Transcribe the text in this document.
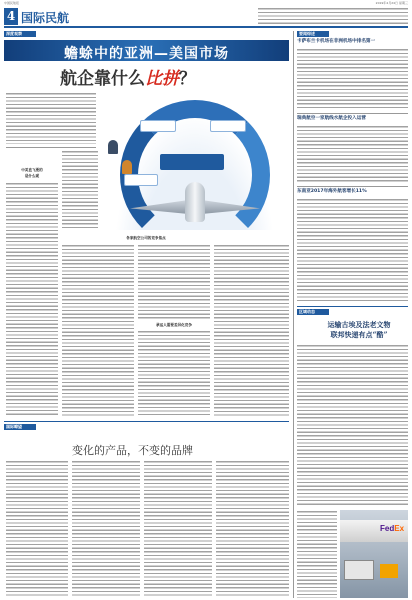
中国民航报	2019年4月24日 星期三
4 国际民航
深度观察
蟾蜍中的亚洲—美国市场
航企靠什么比拼？
中美直飞要的
是什么呢
各家航空公司的竞争焦点
承运人需要差异化竞争
国际瞭望
变化的产品，不变的品牌
要闻综述
卡萨布兰卡机场在非洲机场中排名第一
瑞典航空一家航线水航企投入运营
东南亚2017年海外航客增长11%
区域动态
运输古埃及法老文物
联邦快递有点“酷”
FedEx
